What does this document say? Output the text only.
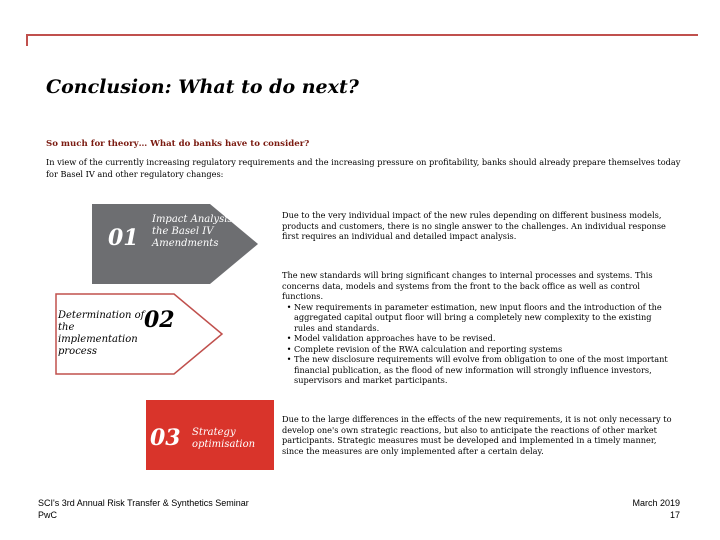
Conclusion: What to do next?
So much for theory… What do banks have to consider?
In view of the currently increasing regulatory requirements and the increasing pressure on profitability, banks should already prepare themselves today for Basel IV and other regulatory changes:
01
Impact Analysis of the Basel IV Amendments
02
Determination of the implementation process
03 Strategy optimisation
Due to the very individual impact of the new rules depending on different business models, products and customers, there is no single answer to the challenges. An individual response first requires an individual and detailed impact analysis.
The new standards will bring significant changes to internal processes and systems. This concerns data, models and systems from the front to the back office as well as control functions.
• New requirements in parameter estimation, new input floors and the introduction of the aggregated capital output floor will bring a completely new complexity to the existing rules and standards.
• Model validation approaches have to be revised.
• Complete revision of the RWA calculation and reporting systems
• The new disclosure requirements will evolve from obligation to one of the most important financial publication, as the flood of new information will strongly influence investors, supervisors and market participants.
Due to the large differences in the effects of the new requirements, it is not only necessary to develop one's own strategic reactions, but also to anticipate the reactions of other market participants. Strategic measures must be developed and implemented in a timely manner, since the measures are only implemented after a certain delay.
SCI's 3rd Annual Risk Transfer & Synthetics Seminar
PwC
March 2019
17
